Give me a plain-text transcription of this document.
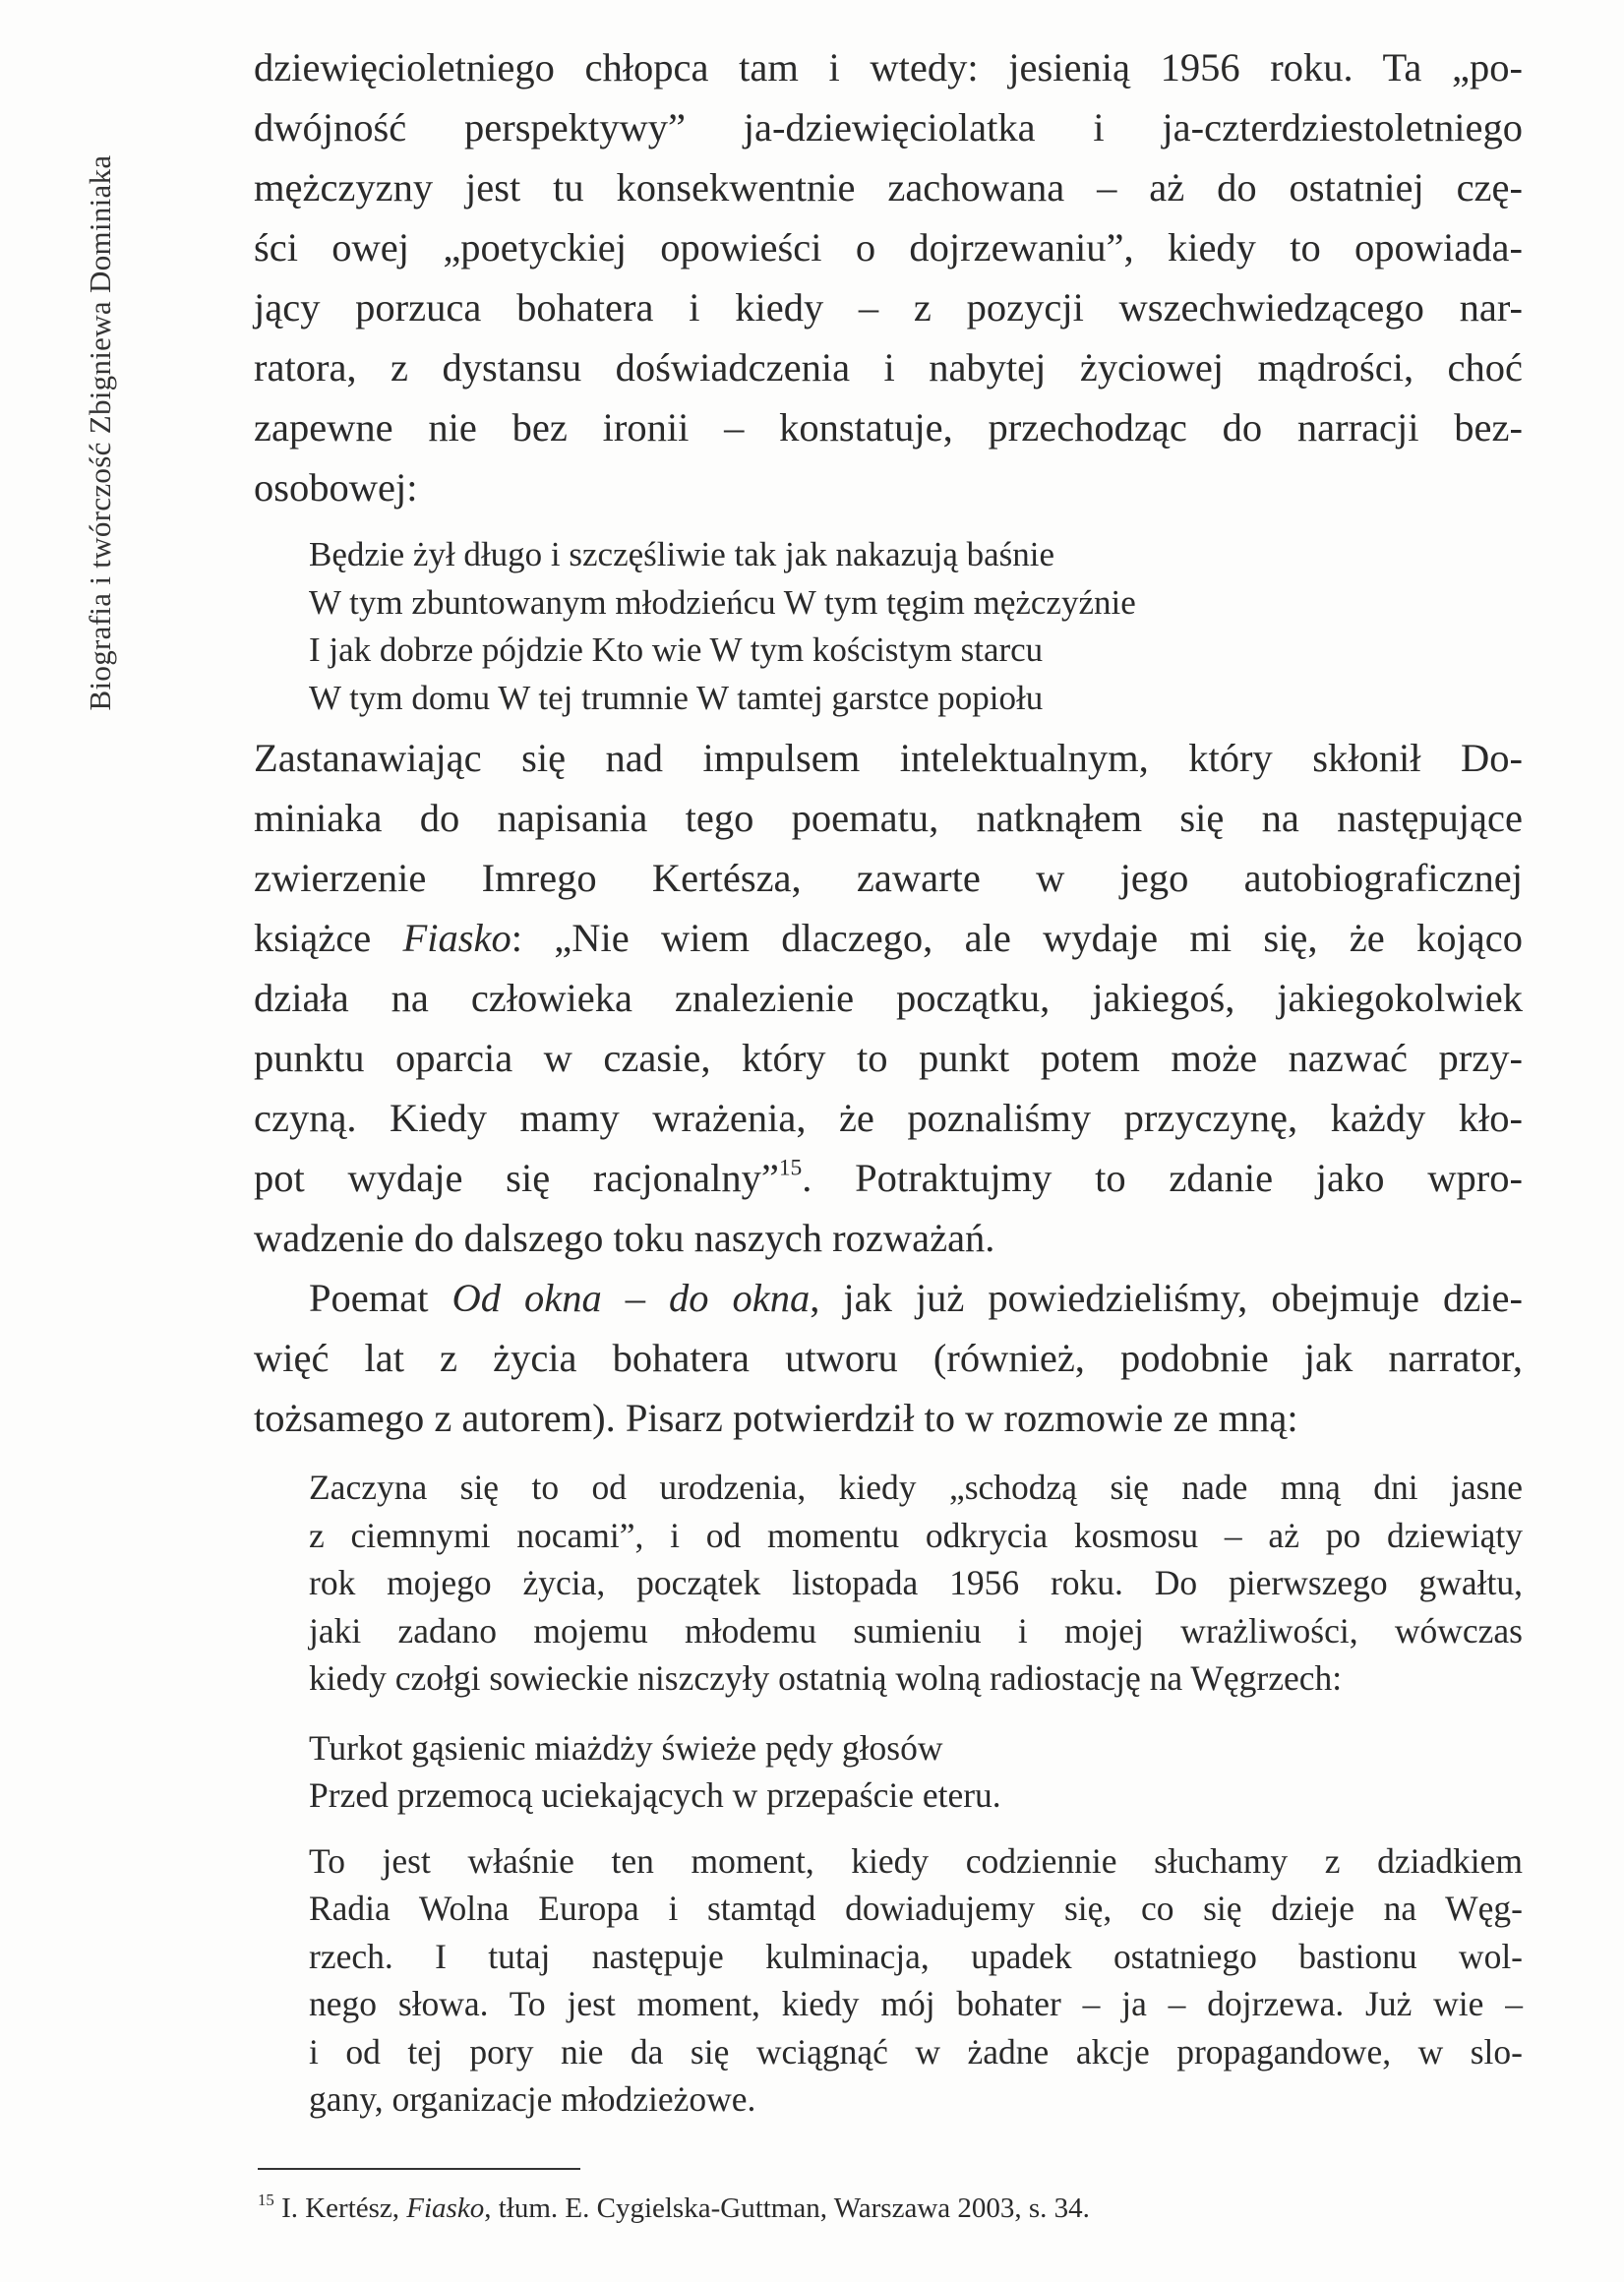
Biografia i twórczość Zbigniewa Dominiaka

dziewięcioletniego chłopca tam i wtedy: jesienią 1956 roku. Ta „po-
dwójność perspektywy” ja-dziewięciolatka i ja-czterdziestoletniego
mężczyzny jest tu konsekwentnie zachowana – aż do ostatniej czę-
ści owej „poetyckiej opowieści o dojrzewaniu”, kiedy to opowiada-
jący porzuca bohatera i kiedy – z pozycji wszechwiedzącego nar-
ratora, z dystansu doświadczenia i nabytej życiowej mądrości, choć
zapewne nie bez ironii – konstatuje, przechodząc do narracji bez-
osobowej:

Będzie żył długo i szczęśliwie tak jak nakazują baśnie
W tym zbuntowanym młodzieńcu W tym tęgim mężczyźnie
I jak dobrze pójdzie Kto wie W tym kościstym starcu
W tym domu W tej trumnie W tamtej garstce popiołu

Zastanawiając się nad impulsem intelektualnym, który skłonił Do-
miniaka do napisania tego poematu, natknąłem się na następujące
zwierzenie Imrego Kertésza, zawarte w jego autobiograficznej
książce Fiasko: „Nie wiem dlaczego, ale wydaje mi się, że kojąco
działa na człowieka znalezienie początku, jakiegoś, jakiegokolwiek
punktu oparcia w czasie, który to punkt potem może nazwać przy-
czyną. Kiedy mamy wrażenia, że poznaliśmy przyczynę, każdy kło-
pot wydaje się racjonalny”$^{15}$. Potraktujmy to zdanie jako wpro-
wadzenie do dalszego toku naszych rozważań.

Poemat Od okna – do okna, jak już powiedzieliśmy, obejmuje dzie-
więć lat z życia bohatera utworu (również, podobnie jak narrator,
tożsamego z autorem). Pisarz potwierdził to w rozmowie ze mną:

Zaczyna się to od urodzenia, kiedy „schodzą się nade mną dni jasne
z ciemnymi nocami”, i od momentu odkrycia kosmosu – aż po dziewiąty
rok mojego życia, początek listopada 1956 roku. Do pierwszego gwałtu,
jaki zadano mojemu młodemu sumieniu i mojej wrażliwości, wówczas
kiedy czołgi sowieckie niszczyły ostatnią wolną radiostację na Węgrzech:
Turkot gąsienic miażdży świeże pędy głosów
Przed przemocą uciekających w przepaście eteru.
To jest właśnie ten moment, kiedy codziennie słuchamy z dziadkiem
Radia Wolna Europa i stamtąd dowiadujemy się, co się dzieje na Węg-
rzech. I tutaj następuje kulminacja, upadek ostatniego bastionu wol-
nego słowa. To jest moment, kiedy mój bohater – ja – dojrzewa. Już wie –
i od tej pory nie da się wciągnąć w żadne akcje propagandowe, w slo-
gany, organizacje młodzieżowe.
$^{15}$ I. Kertész, Fiasko, tłum. E. Cygielska-Guttman, Warszawa 2003, s. 34.
